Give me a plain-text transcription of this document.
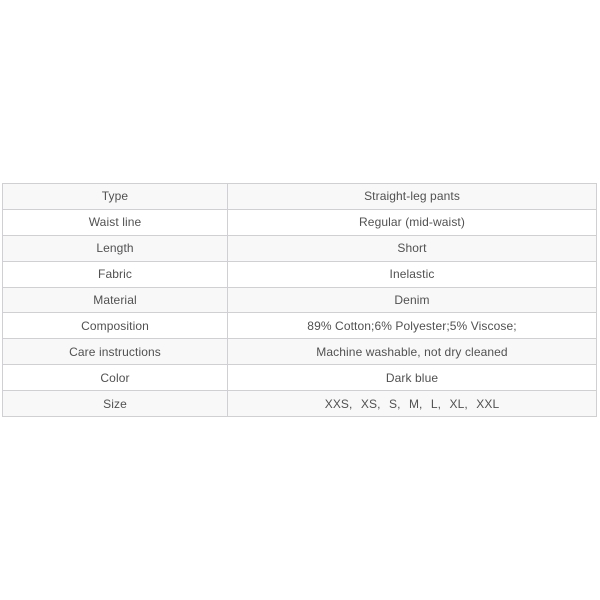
Type	Straight-leg pants
Waist line	Regular (mid-waist)
Length	Short
Fabric	Inelastic
Material	Denim
Composition	89% Cotton;6% Polyester;5% Viscose;
Care instructions	Machine washable, not dry cleaned
Color	Dark blue
Size	XXS, XS, S, M, L, XL, XXL
